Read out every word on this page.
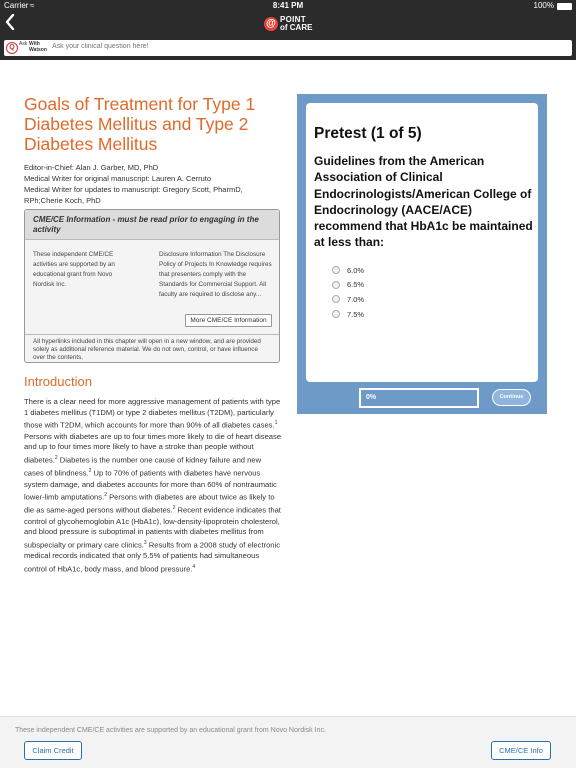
Carrier ≈	8:41 PM	100%
@ POINT
of CARE
Q Ask With
Watson
Ask your clinical question here!
Goals of Treatment for Type 1 Diabetes Mellitus and Type 2 Diabetes Mellitus
Editor-in-Chief: Alan J. Garber, MD, PhD
Medical Writer for original manuscript: Lauren A. Cerruto
Medical Writer for updates to manuscript: Gregory Scott, PharmD, RPh;Cherie Koch, PhD
CME/CE Information - must be read prior to engaging in the activity
These independent CME/CE activities are supported by an educational grant from Novo Nordisk Inc.
Disclosure Information The Disclosure Policy of Projects In Knowledge requires that presenters comply with the Standards for Commercial Support. All faculty are required to disclose any...
More CME/CE Information
All hyperlinks included in this chapter will open in a new window, and are provided solely as additional reference material. We do not own, control, or have influence over the contents.
Introduction

There is a clear need for more aggressive management of patients with type 1 diabetes mellitus (T1DM) or type 2 diabetes mellitus (T2DM), particularly those with T2DM, which accounts for more than 90% of all diabetes cases.$^1$ Persons with diabetes are up to four times more likely to die of heart disease and up to four times more likely to have a stroke than people without diabetes.$^2$ Diabetes is the number one cause of kidney failure and new cases of blindness.$^2$ Up to 70% of patients with diabetes have nervous system damage, and diabetes accounts for more than 60% of nontraumatic lower-limb amputations.$^2$ Persons with diabetes are about twice as likely to die as same-aged persons without diabetes.$^2$ Recent evidence indicates that control of glycohemoglobin A1c (HbA1c), low-density-lipoprotein cholesterol, and blood pressure is suboptimal in patients with diabetes mellitus from subspecialty or primary care clinics.$^3$ Results from a 2008 study of electronic medical records indicated that only 5.5% of patients had simultaneous control of HbA1c, body mass, and blood pressure.$^4$

Pretest (1 of 5)
Guidelines from the American Association of Clinical Endocrinologists/American College of Endocrinology (AACE/ACE) recommend that HbA1c be maintained at less than:
6.0%
6.5%
7.0%
7.5%
0%	Continue
These independent CME/CE activities are supported by an educational grant from Novo Nordisk Inc.
Claim Credit	CME/CE Info
